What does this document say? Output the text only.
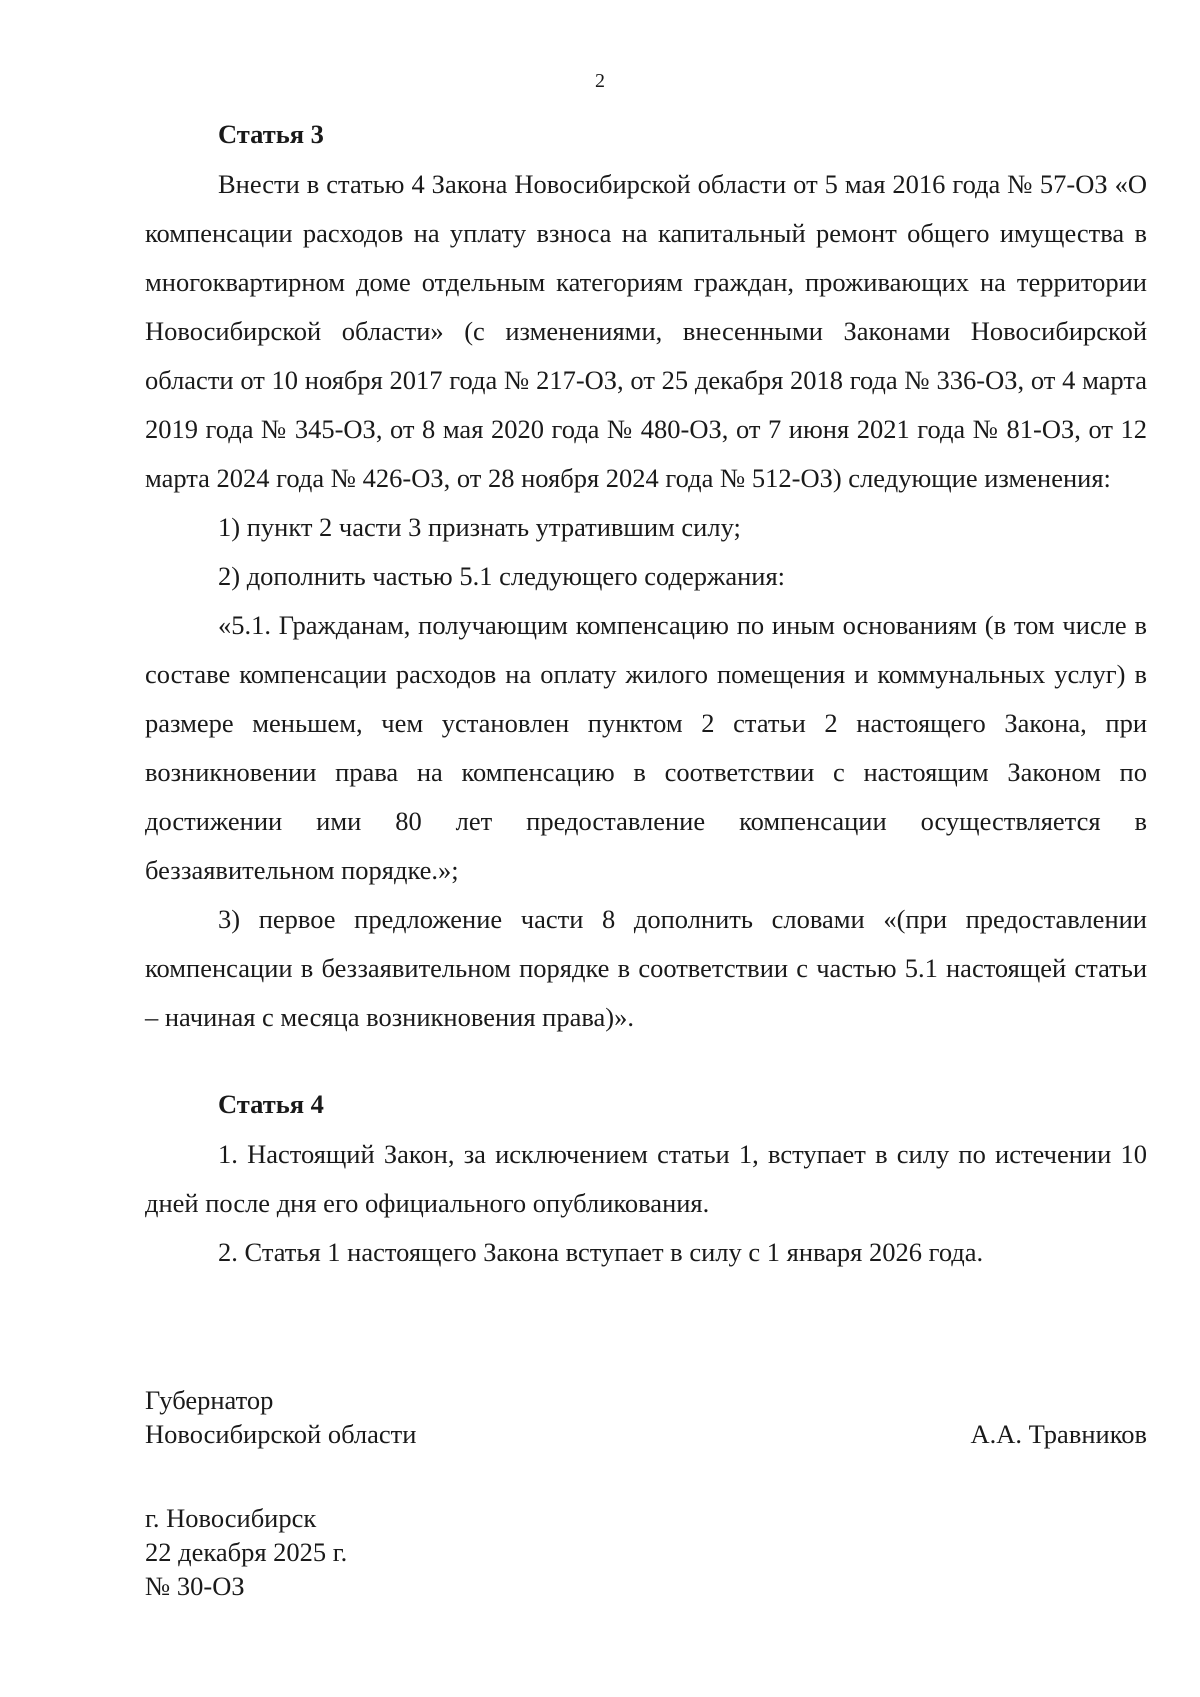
2
Статья 3

Внести в статью 4 Закона Новосибирской области от 5 мая 2016 года № 57-ОЗ «О компенсации расходов на уплату взноса на капитальный ремонт общего имущества в многоквартирном доме отдельным категориям граждан, проживающих на территории Новосибирской области» (с изменениями, внесенными Законами Новосибирской области от 10 ноября 2017 года № 217-ОЗ, от 25 декабря 2018 года № 336-ОЗ, от 4 марта 2019 года № 345-ОЗ, от 8 мая 2020 года № 480-ОЗ, от 7 июня 2021 года № 81-ОЗ, от 12 марта 2024 года № 426-ОЗ, от 28 ноября 2024 года № 512-ОЗ) следующие изменения:

1) пункт 2 части 3 признать утратившим силу;

2) дополнить частью 5.1 следующего содержания:

«5.1. Гражданам, получающим компенсацию по иным основаниям (в том числе в составе компенсации расходов на оплату жилого помещения и коммунальных услуг) в размере меньшем, чем установлен пунктом 2 статьи 2 настоящего Закона, при возникновении права на компенсацию в соответствии с настоящим Законом по достижении ими 80 лет предоставление компенсации осуществляется в беззаявительном порядке.»;

3) первое предложение части 8 дополнить словами «(при предоставлении компенсации в беззаявительном порядке в соответствии с частью 5.1 настоящей статьи – начиная с месяца возникновения права)».

Статья 4

1. Настоящий Закон, за исключением статьи 1, вступает в силу по истечении 10 дней после дня его официального опубликования.

2. Статья 1 настоящего Закона вступает в силу с 1 января 2026 года.

Губернатор
Новосибирской области	А.А. Травников
г. Новосибирск
22 декабря 2025 г.
№ 30-ОЗ
